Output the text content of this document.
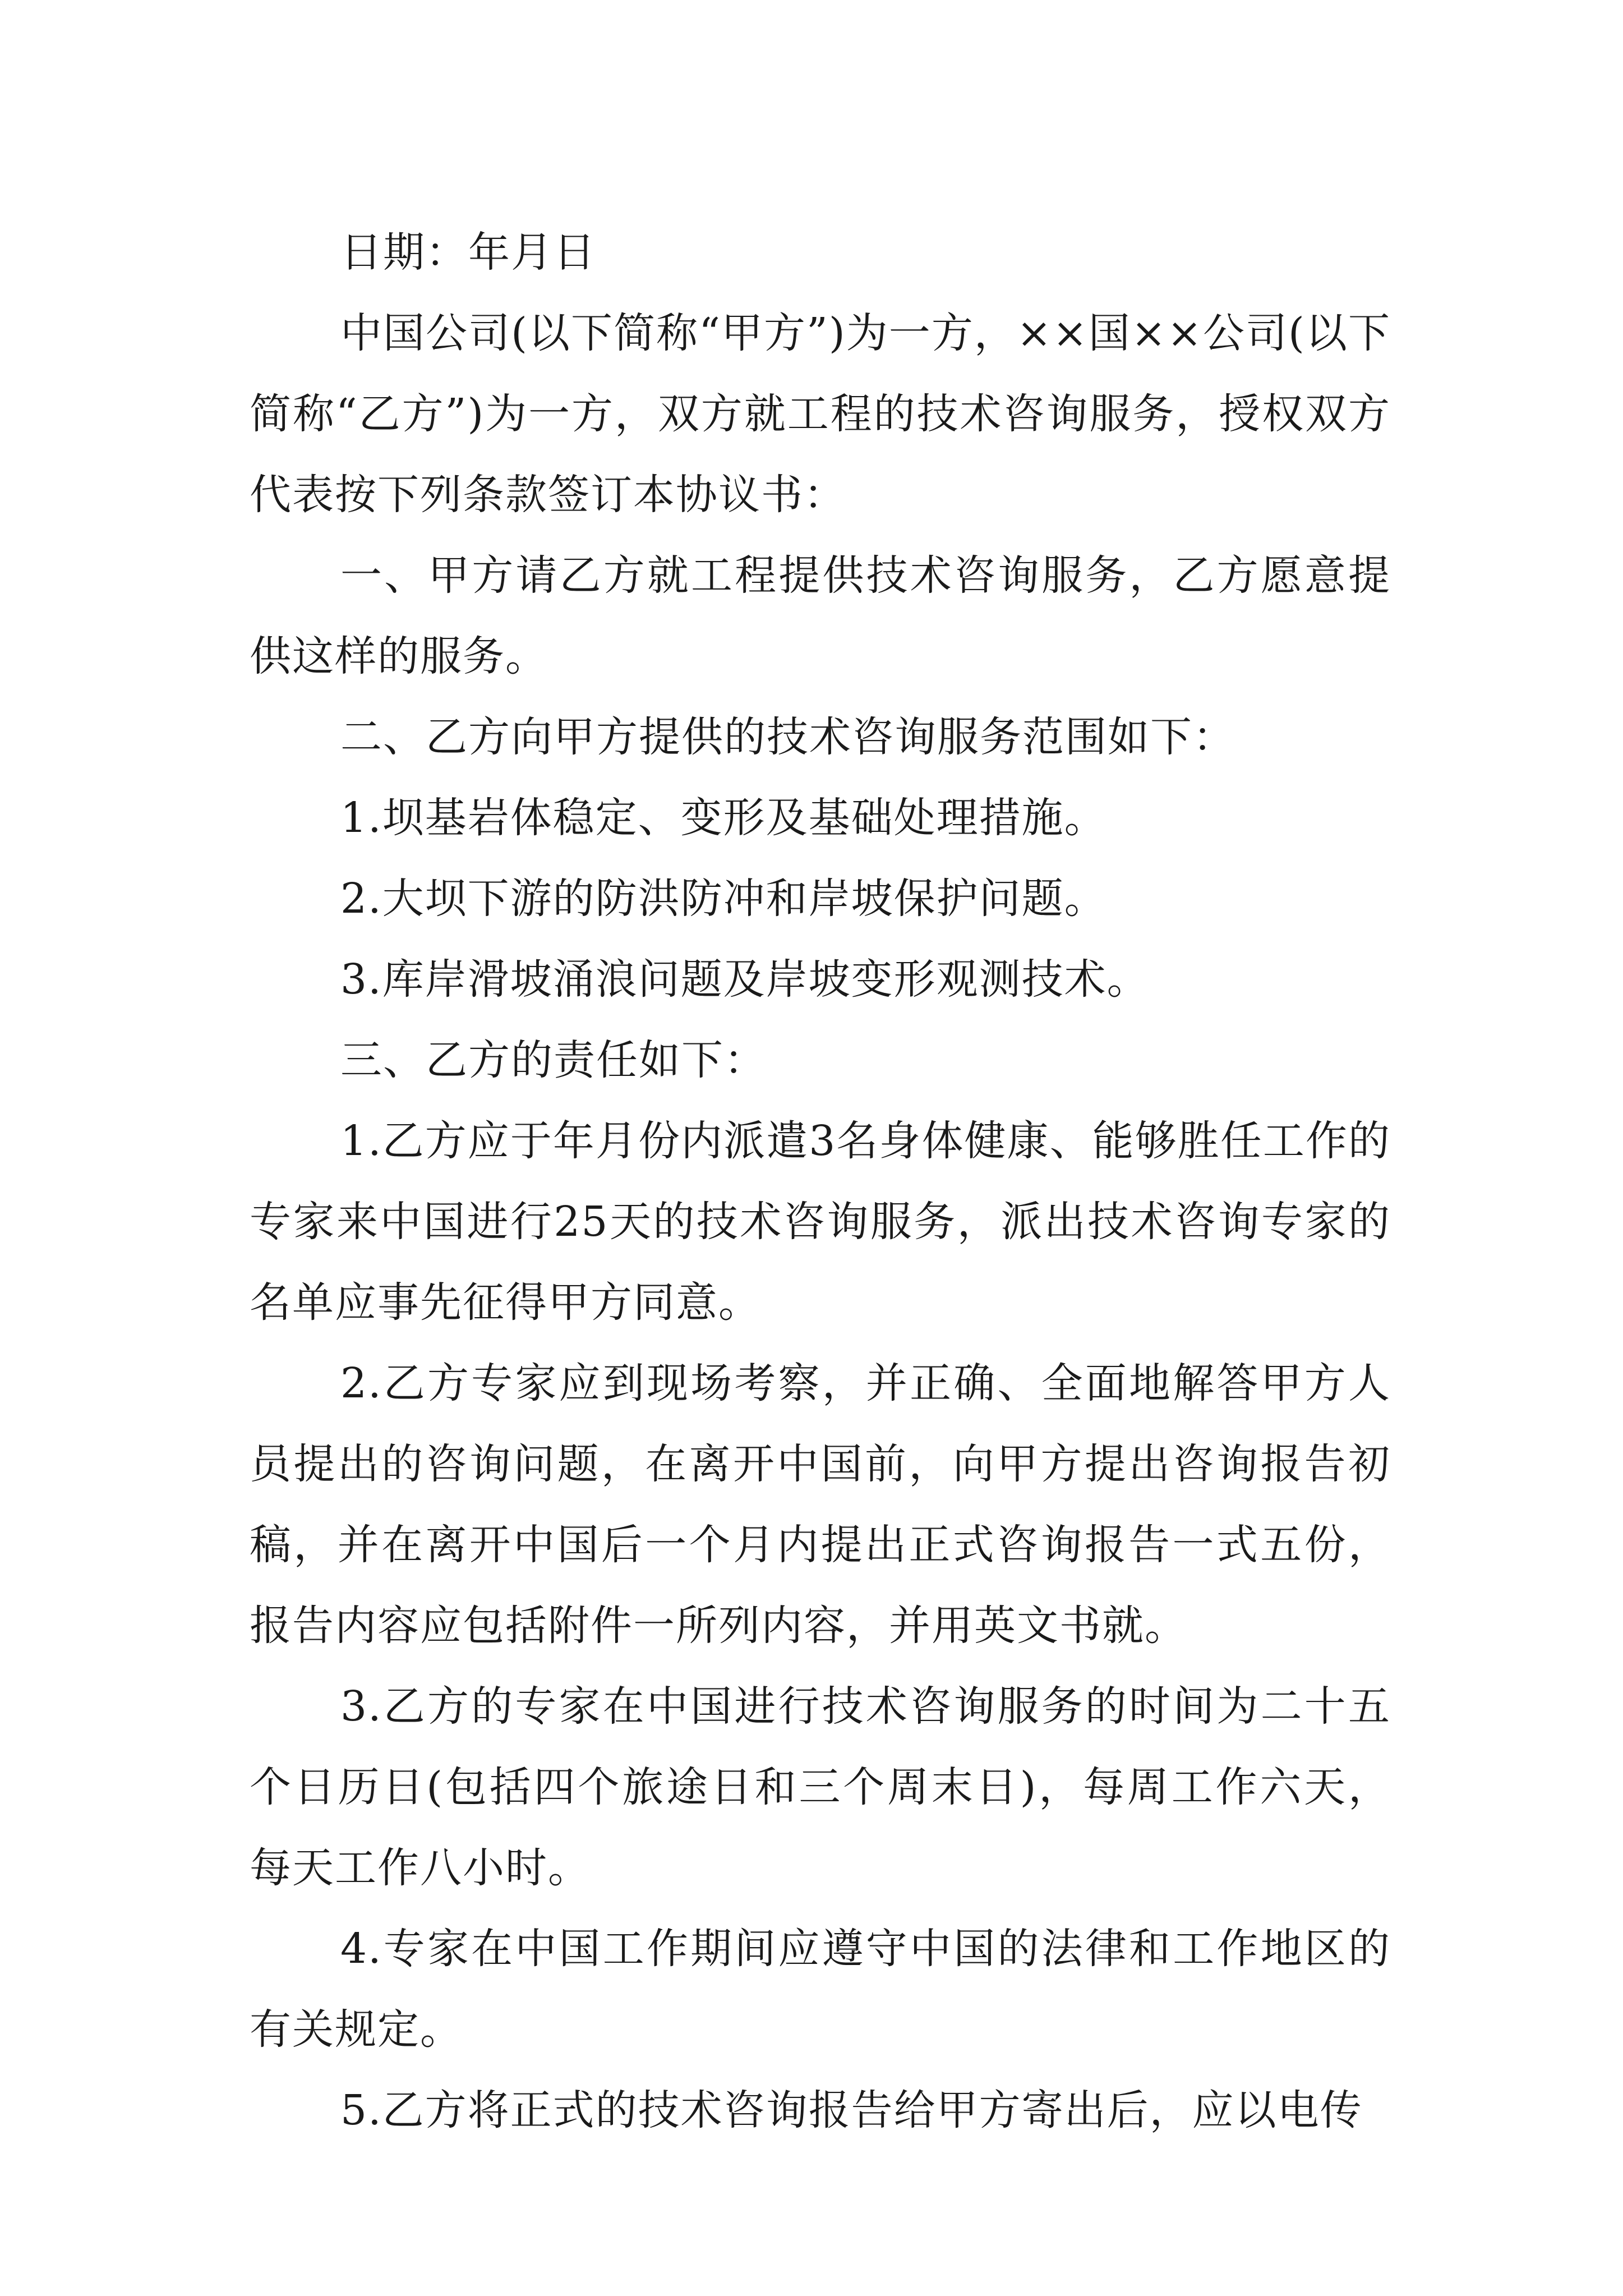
日期：年月日

中国公司(以下简称“甲方”)为一方，××国××公司(以下简称“乙方”)为一方，双方就工程的技术咨询服务，授权双方代表按下列条款签订本协议书：

一、甲方请乙方就工程提供技术咨询服务，乙方愿意提供这样的服务。

二、乙方向甲方提供的技术咨询服务范围如下：

1.坝基岩体稳定、变形及基础处理措施。

2.大坝下游的防洪防冲和岸坡保护问题。

3.库岸滑坡涌浪问题及岸坡变形观测技术。

三、乙方的责任如下：

1.乙方应于年月份内派遣3名身体健康、能够胜任工作的专家来中国进行25天的技术咨询服务，派出技术咨询专家的名单应事先征得甲方同意。

2.乙方专家应到现场考察，并正确、全面地解答甲方人员提出的咨询问题，在离开中国前，向甲方提出咨询报告初稿，并在离开中国后一个月内提出正式咨询报告一式五份，报告内容应包括附件一所列内容，并用英文书就。

3.乙方的专家在中国进行技术咨询服务的时间为二十五个日历日(包括四个旅途日和三个周末日)，每周工作六天，每天工作八小时。

4.专家在中国工作期间应遵守中国的法律和工作地区的有关规定。

5.乙方将正式的技术咨询报告给甲方寄出后，应以电传
